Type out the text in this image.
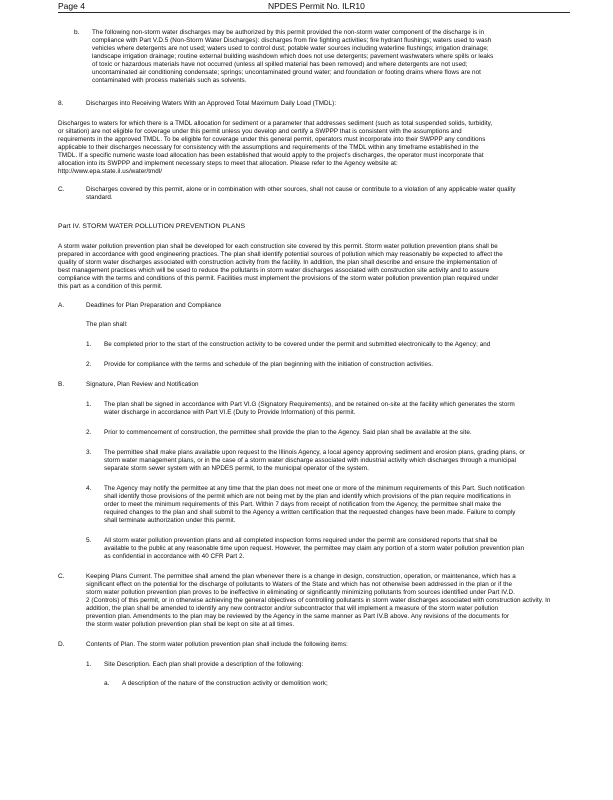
Page 4	NPDES Permit No. ILR10
b. The following non-storm water discharges may be authorized by this permit provided the non-storm water component of the discharge is in
compliance with Part V.D.5 (Non-Storm Water Discharges): discharges from fire fighting activities; fire hydrant flushings; waters used to wash
vehicles where detergents are not used; waters used to control dust; potable water sources including waterline flushings; irrigation drainage;
landscape irrigation drainage; routine external building washdown which does not use detergents; pavement washwaters where spills or leaks
of toxic or hazardous materials have not occurred (unless all spilled material has been removed) and where detergents are not used;
uncontaminated air conditioning condensate; springs; uncontaminated ground water; and foundation or footing drains where flows are not
contaminated with process materials such as solvents.
8.	Discharges into Receiving Waters With an Approved Total Maximum Daily Load (TMDL):
Discharges to waters for which there is a TMDL allocation for sediment or a parameter that addresses sediment (such as total suspended solids, turbidity,
or siltation) are not eligible for coverage under this permit unless you develop and certify a SWPPP that is consistent with the assumptions and
requirements in the approved TMDL. To be eligible for coverage under this general permit, operators must incorporate into their SWPPP any conditions
applicable to their discharges necessary for consistency with the assumptions and requirements of the TMDL within any timeframe established in the
TMDL. If a specific numeric waste load allocation has been established that would apply to the project's discharges, the operator must incorporate that
allocation into its SWPPP and implement necessary steps to meet that allocation. Please refer to the Agency website at:
http://www.epa.state.il.us/water/tmdl/
C.	Discharges covered by this permit, alone or in combination with other sources, shall not cause or contribute to a violation of any applicable water quality
standard.
Part IV. STORM WATER POLLUTION PREVENTION PLANS
A storm water pollution prevention plan shall be developed for each construction site covered by this permit. Storm water pollution prevention plans shall be
prepared in accordance with good engineering practices. The plan shall identify potential sources of pollution which may reasonably be expected to affect the
quality of storm water discharges associated with construction activity from the facility. In addition, the plan shall describe and ensure the implementation of
best management practices which will be used to reduce the pollutants in storm water discharges associated with construction site activity and to assure
compliance with the terms and conditions of this permit. Facilities must implement the provisions of the storm water pollution prevention plan required under
this part as a condition of this permit.
A.	Deadlines for Plan Preparation and Compliance
The plan shall:
1. Be completed prior to the start of the construction activity to be covered under the permit and submitted electronically to the Agency; and
2. Provide for compliance with the terms and schedule of the plan beginning with the initiation of construction activities.
B.	Signature, Plan Review and Notification
1. The plan shall be signed in accordance with Part VI.G (Signatory Requirements), and be retained on-site at the facility which generates the storm
water discharge in accordance with Part VI.E (Duty to Provide Information) of this permit.
2. Prior to commencement of construction, the permittee shall provide the plan to the Agency. Said plan shall be available at the site.
3. The permittee shall make plans available upon request to the Illinois Agency, a local agency approving sediment and erosion plans, grading plans, or
storm water management plans, or in the case of a storm water discharge associated with industrial activity which discharges through a municipal
separate storm sewer system with an NPDES permit, to the municipal operator of the system.
4. The Agency may notify the permittee at any time that the plan does not meet one or more of the minimum requirements of this Part. Such notification
shall identify those provisions of the permit which are not being met by the plan and identify which provisions of the plan require modifications in
order to meet the minimum requirements of this Part. Within 7 days from receipt of notification from the Agency, the permittee shall make the
required changes to the plan and shall submit to the Agency a written certification that the requested changes have been made. Failure to comply
shall terminate authorization under this permit.
5. All storm water pollution prevention plans and all completed inspection forms required under the permit are considered reports that shall be
available to the public at any reasonable time upon request. However, the permittee may claim any portion of a storm water pollution prevention plan
as confidential in accordance with 40 CFR Part 2.
C.	Keeping Plans Current. The permittee shall amend the plan whenever there is a change in design, construction, operation, or maintenance, which has a
significant effect on the potential for the discharge of pollutants to Waters of the State and which has not otherwise been addressed in the plan or if the
storm water pollution prevention plan proves to be ineffective in eliminating or significantly minimizing pollutants from sources identified under Part IV.D.
2 (Controls) of this permit, or in otherwise achieving the general objectives of controlling pollutants in storm water discharges associated with construction activity. In
addition, the plan shall be amended to identify any new contractor and/or subcontractor that will implement a measure of the storm water pollution
prevention plan. Amendments to the plan may be reviewed by the Agency in the same manner as Part IV.B above. Any revisions of the documents for
the storm water pollution prevention plan shall be kept on site at all times.
D.	Contents of Plan. The storm water pollution prevention plan shall include the following items:
1. Site Description. Each plan shall provide a description of the following:
a. A description of the nature of the construction activity or demolition work;
